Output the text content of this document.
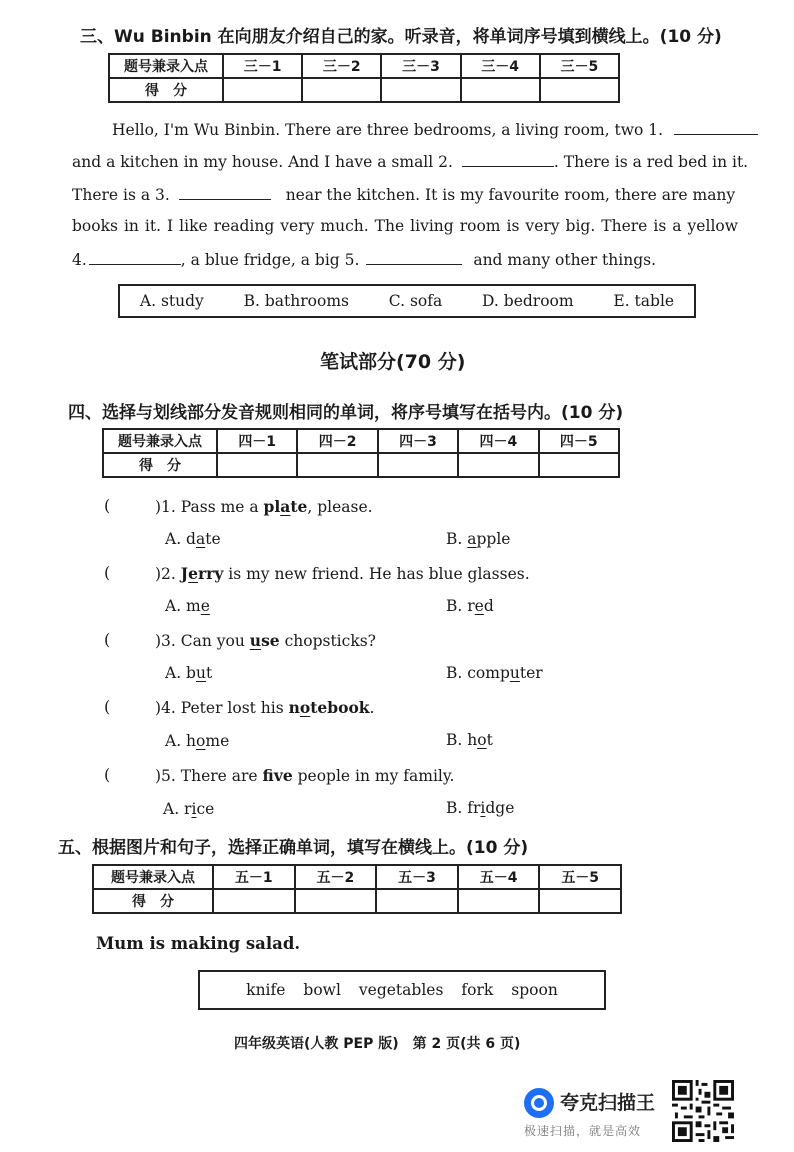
三、Wu Binbin 在向朋友介绍自己的家。听录音，将单词序号填到横线上。(10 分)
题号兼录入点	三－1	三－2	三－3	三－4	三－5
得　分					
Hello, I'm Wu Binbin. There are three bedrooms, a living room, two 1.
and a kitchen in my house. And I have a small 2.	. There is a red bed in it.
There is a 3.	near the kitchen. It is my favourite room, there are many
books in it. I like reading very much. The living room is very big. There is a yellow
4.	, a blue fridge, a big 5.	and many other things.
A. study	B. bathrooms	C. sofa	D. bedroom	E. table
笔试部分(70 分)
四、选择与划线部分发音规则相同的单词，将序号填写在括号内。(10 分)
题号兼录入点	四－1	四－2	四－3	四－4	四－5
得　分					
(	)1. Pass me a plate, please.
A. date	B. apple
(	)2. Jerry is my new friend. He has blue glasses.
A. me	B. red
(	)3. Can you use chopsticks?
A. but	B. computer
(	)4. Peter lost his notebook.
A. home	B. hot
(	)5. There are fve people in my family.
A. rice	B. fridge
五、根据图片和句子，选择正确单词，填写在横线上。(10 分)
题号兼录入点	五－1	五－2	五－3	五－4	五－5
得　分					
Mum is making salad.
knife bowl vegetables fork spoon
四年级英语(人教 PEP 版)　第 2 页(共 6 页)
夸克扫描王
极速扫描，就是高效
